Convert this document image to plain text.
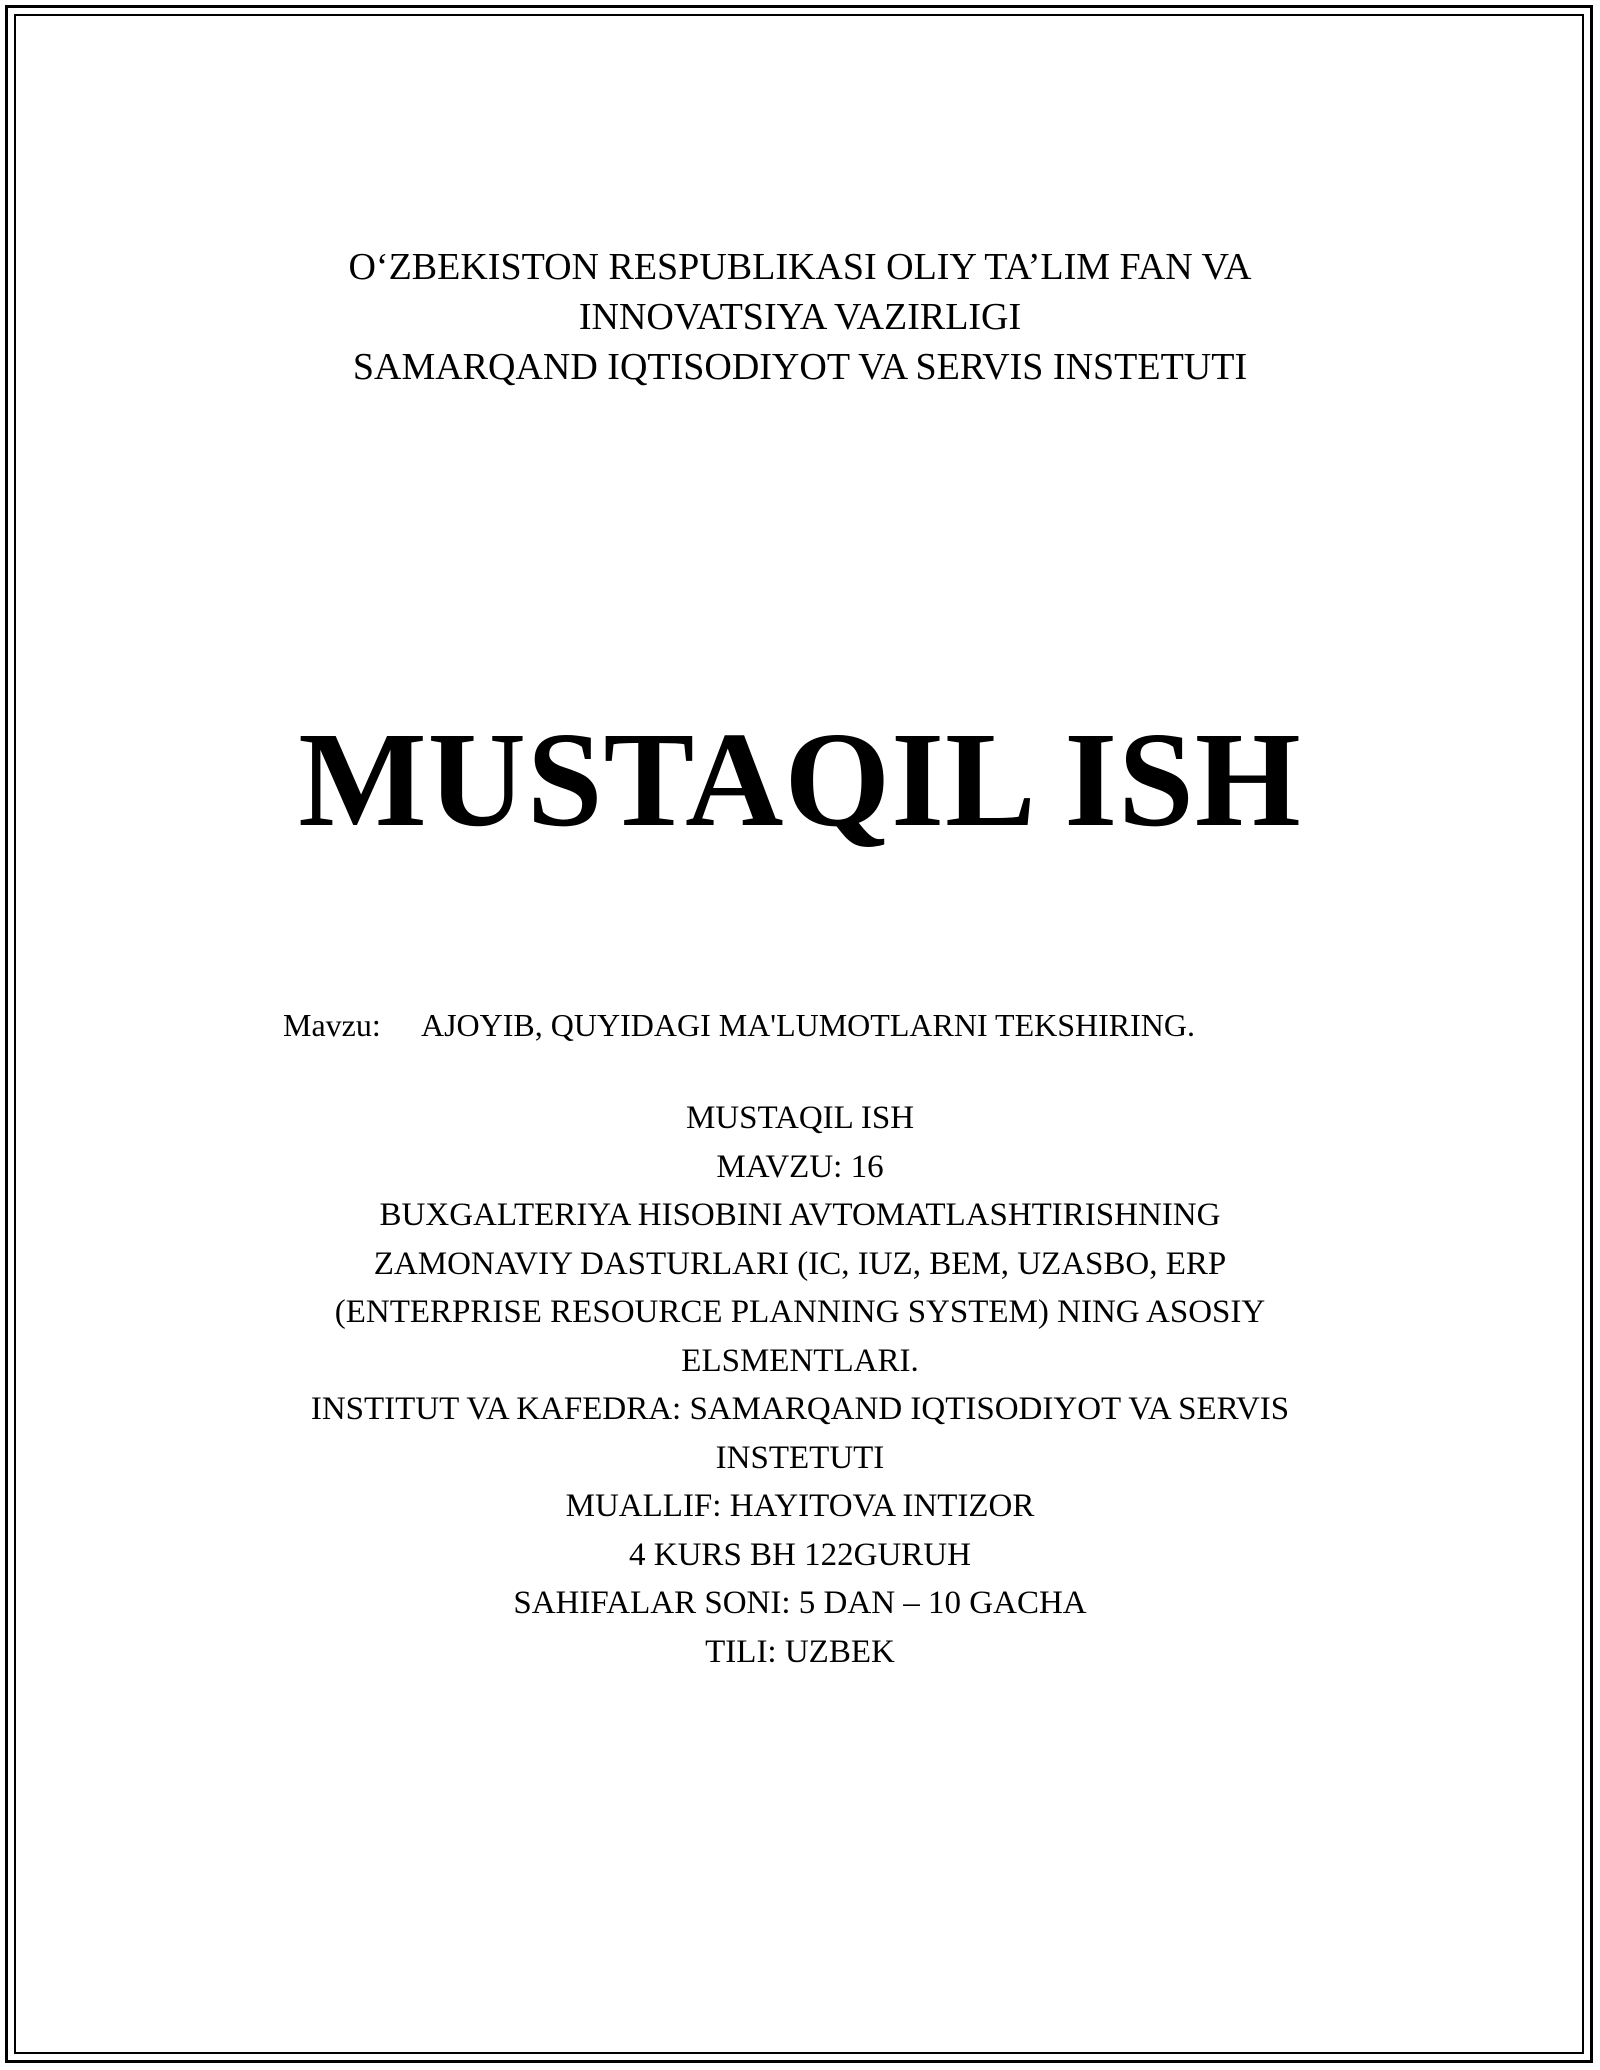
O‘ZBEKISTON RESPUBLIKASI OLIY TA’LIM FAN VA
INNOVATSIYA VAZIRLIGI
SAMARQAND IQTISODIYOT VA SERVIS INSTETUTI
MUSTAQIL ISH
Mavzu: AJOYIB, QUYIDAGI MA'LUMOTLARNI TEKSHIRING.
MUSTAQIL ISH
MAVZU: 16
BUXGALTERIYA HISOBINI AVTOMATLASHTIRISHNING
ZAMONAVIY DASTURLARI (IC, IUZ, BEM, UZASBO, ERP
(ENTERPRISE RESOURCE PLANNING SYSTEM) NING ASOSIY
ELSMENTLARI.
INSTITUT VA KAFEDRA: SAMARQAND IQTISODIYOT VA SERVIS
INSTETUTI
MUALLIF: HAYITOVA INTIZOR
4 KURS BH 122GURUH
SAHIFALAR SONI: 5 DAN – 10 GACHA
TILI: UZBEK
